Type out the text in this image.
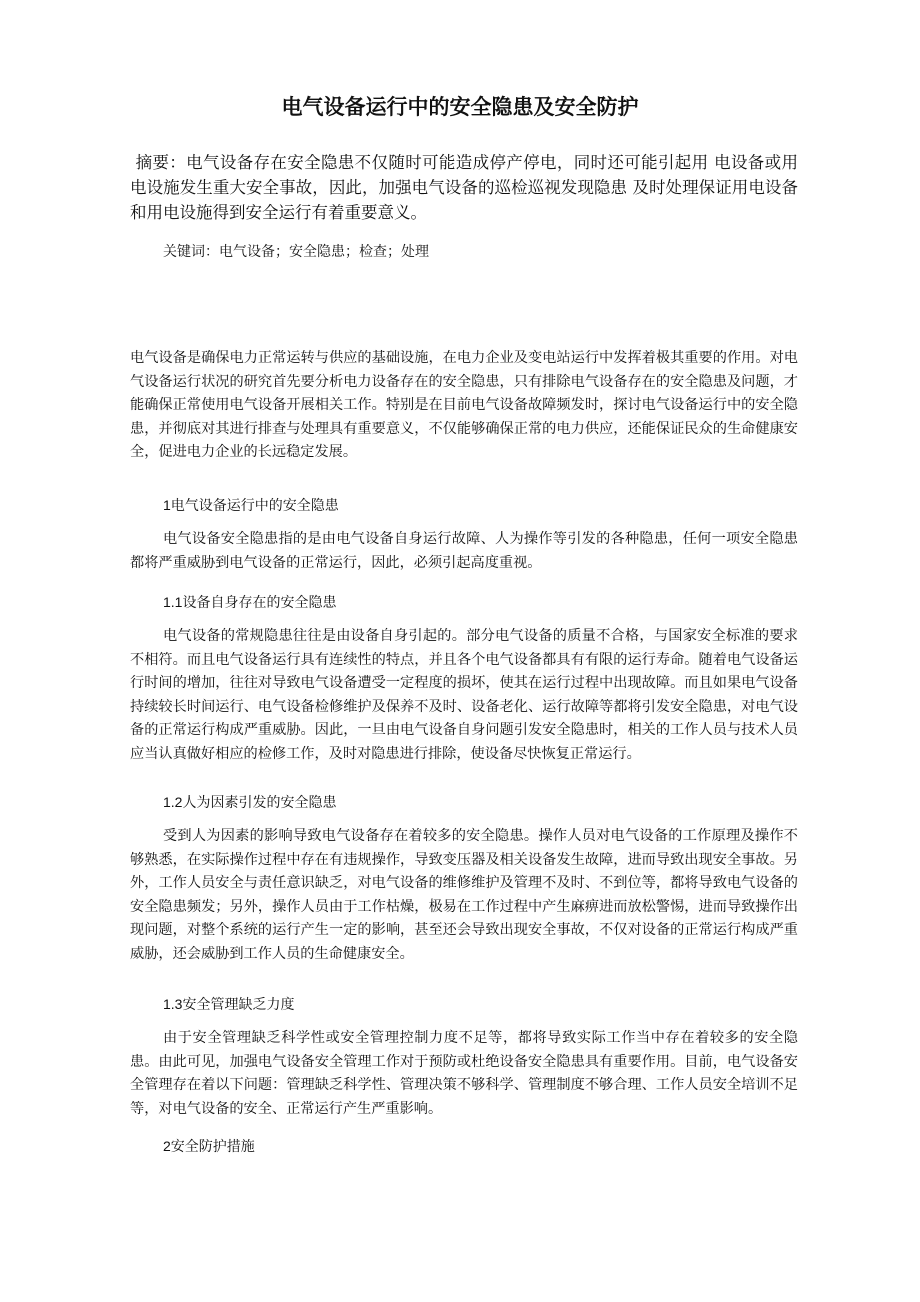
电气设备运行中的安全隐患及安全防护

摘要：电气设备存在安全隐患不仅随时可能造成停产停电，同时还可能引起用 电设备或用电设施发生重大安全事故，因此，加强电气设备的巡检巡视发现隐患 及时处理保证用电设备和用电设施得到安全运行有着重要意义。

关键词：电气设备；安全隐患；检查；处理

电气设备是确保电力正常运转与供应的基础设施，在电力企业及变电站运行中发挥着极其重要的作用。对电气设备运行状况的研究首先要分析电力设备存在的安全隐患，只有排除电气设备存在的安全隐患及问题，才能确保正常使用电气设备开展相关工作。特别是在目前电气设备故障频发时，探讨电气设备运行中的安全隐患，并彻底对其进行排查与处理具有重要意义，不仅能够确保正常的电力供应，还能保证民众的生命健康安全，促进电力企业的长远稳定发展。

1电气设备运行中的安全隐患

电气设备安全隐患指的是由电气设备自身运行故障、人为操作等引发的各种隐患，任何一项安全隐患都将严重威胁到电气设备的正常运行，因此，必须引起高度重视。

1.1设备自身存在的安全隐患

电气设备的常规隐患往往是由设备自身引起的。部分电气设备的质量不合格，与国家安全标准的要求不相符。而且电气设备运行具有连续性的特点，并且各个电气设备都具有有限的运行寿命。随着电气设备运行时间的增加，往往对导致电气设备遭受一定程度的损坏，使其在运行过程中出现故障。而且如果电气设备持续较长时间运行、电气设备检修维护及保养不及时、设备老化、运行故障等都将引发安全隐患，对电气设备的正常运行构成严重威胁。因此，一旦由电气设备自身问题引发安全隐患时，相关的工作人员与技术人员应当认真做好相应的检修工作，及时对隐患进行排除，使设备尽快恢复正常运行。

1.2人为因素引发的安全隐患

受到人为因素的影响导致电气设备存在着较多的安全隐患。操作人员对电气设备的工作原理及操作不够熟悉，在实际操作过程中存在有违规操作，导致变压器及相关设备发生故障，进而导致出现安全事故。另外，工作人员安全与责任意识缺乏，对电气设备的维修维护及管理不及时、不到位等，都将导致电气设备的安全隐患频发；另外，操作人员由于工作枯燥，极易在工作过程中产生麻痹进而放松警惕，进而导致操作出现问题，对整个系统的运行产生一定的影响，甚至还会导致出现安全事故，不仅对设备的正常运行构成严重威胁，还会威胁到工作人员的生命健康安全。

1.3安全管理缺乏力度

由于安全管理缺乏科学性或安全管理控制力度不足等，都将导致实际工作当中存在着较多的安全隐患。由此可见，加强电气设备安全管理工作对于预防或杜绝设备安全隐患具有重要作用。目前，电气设备安全管理存在着以下问题：管理缺乏科学性、管理决策不够科学、管理制度不够合理、工作人员安全培训不足等，对电气设备的安全、正常运行产生严重影响。

2安全防护措施
